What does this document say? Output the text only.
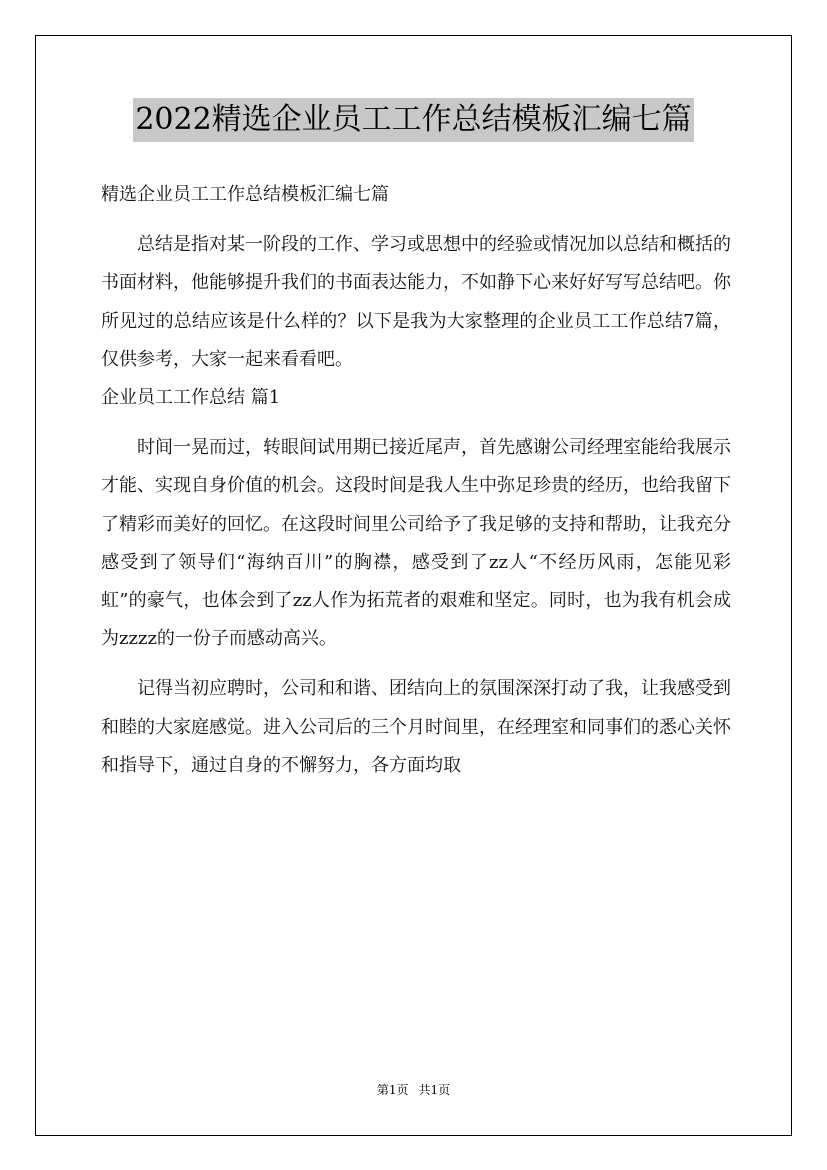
2022精选企业员工工作总结模板汇编七篇

精选企业员工工作总结模板汇编七篇

总结是指对某一阶段的工作、学习或思想中的经验或情况加以总结和概括的书面材料，他能够提升我们的书面表达能力，不如静下心来好好写写总结吧。你所见过的总结应该是什么样的？以下是我为大家整理的企业员工工作总结7篇，仅供参考，大家一起来看看吧。

企业员工工作总结 篇1

时间一晃而过，转眼间试用期已接近尾声，首先感谢公司经理室能给我展示才能、实现自身价值的机会。这段时间是我人生中弥足珍贵的经历，也给我留下了精彩而美好的回忆。在这段时间里公司给予了我足够的支持和帮助，让我充分感受到了领导们“海纳百川”的胸襟，感受到了zz人“不经历风雨，怎能见彩虹”的豪气，也体会到了zz人作为拓荒者的艰难和坚定。同时，也为我有机会成为zzzz的一份子而感动高兴。

记得当初应聘时，公司和和谐、团结向上的氛围深深打动了我，让我感受到和睦的大家庭感觉。进入公司后的三个月时间里，在经理室和同事们的悉心关怀和指导下，通过自身的不懈努力，各方面均取

第1页 共1页
